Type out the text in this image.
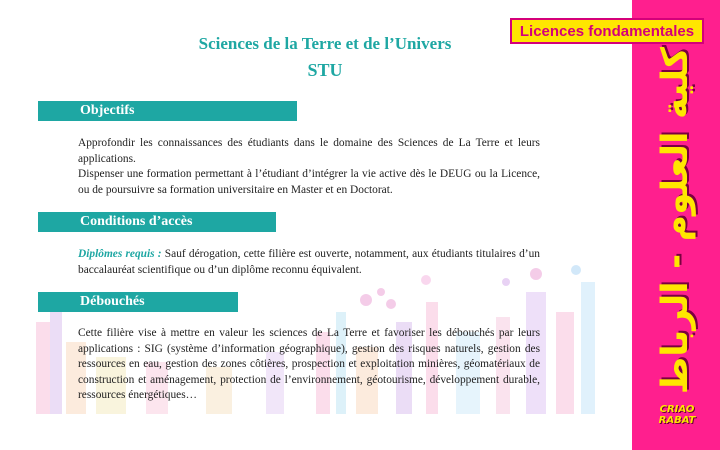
Sciences de la Terre et de l’Univers
STU
Objectifs
Approfondir les connaissances des étudiants dans le domaine des Sciences de La Terre et leurs applications.
Dispenser une formation permettant à l’étudiant d’intégrer la vie active dès le DEUG ou la Licence, ou de poursuivre sa formation universitaire en Master et en Doctorat.
Conditions d’accès
Diplômes requis : Sauf dérogation, cette filière est ouverte, notamment, aux étudiants titulaires d’un baccalauréat scientifique ou d’un diplôme reconnu équivalent.
Débouchés
Cette filière vise à mettre en valeur les sciences de La Terre et favoriser les débouchés par leurs applications : SIG (système d’information géographique), gestion des risques naturels, gestion des ressources en eau, gestion des zones côtières, prospection et exploitation minières, géomatériaux de construction et aménagement, protection de l’environnement, géotourisme, développement durable, ressources énergétiques…
كلية العلوم - الرباط
Licences fondamentales
CRIAO
RABAT
